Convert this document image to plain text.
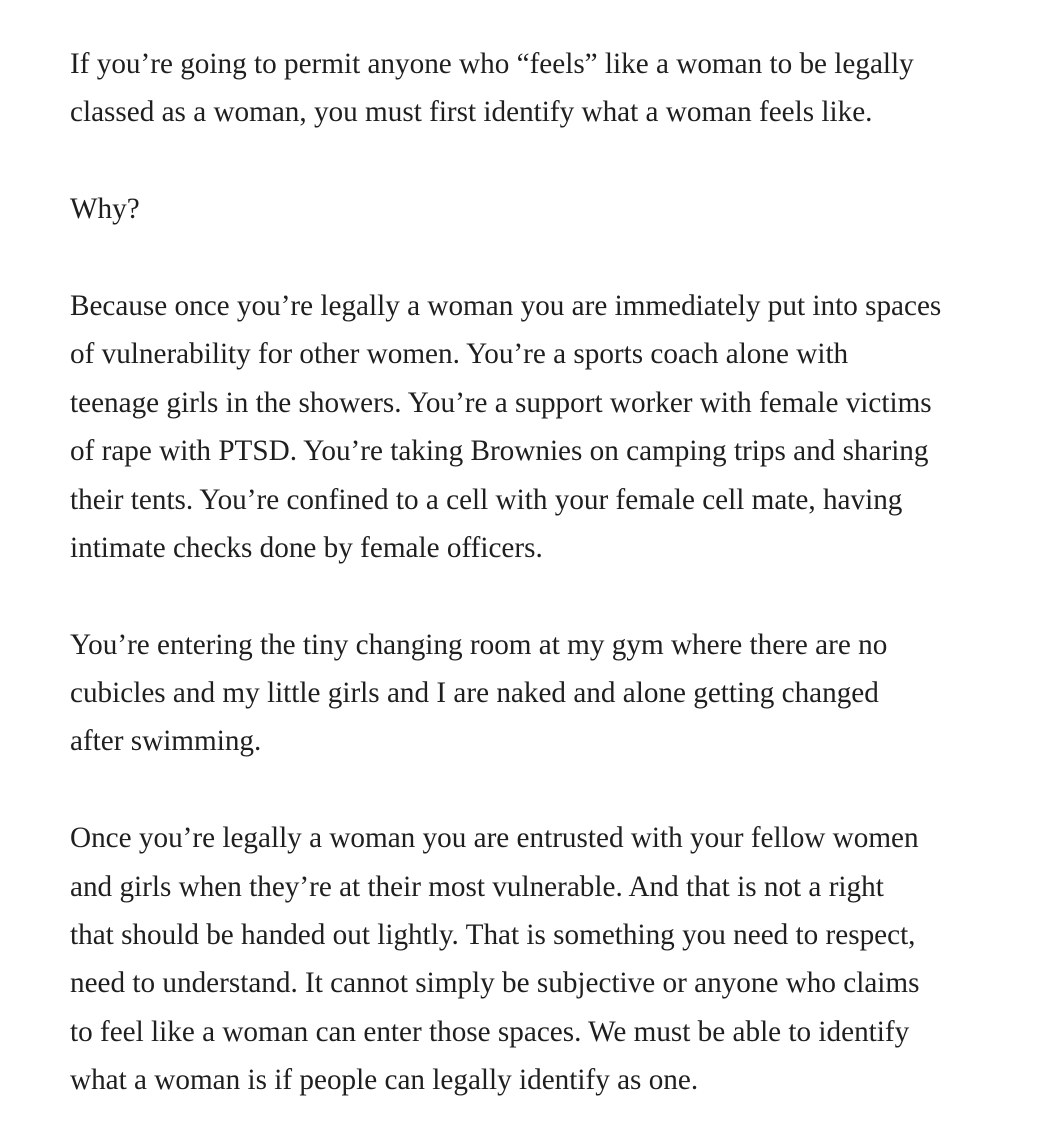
If you’re going to permit anyone who “feels” like a woman to be legally
classed as a woman, you must first identify what a woman feels like.

Why?

Because once you’re legally a woman you are immediately put into spaces
of vulnerability for other women. You’re a sports coach alone with
teenage girls in the showers. You’re a support worker with female victims
of rape with PTSD. You’re taking Brownies on camping trips and sharing
their tents. You’re confined to a cell with your female cell mate, having
intimate checks done by female officers.

You’re entering the tiny changing room at my gym where there are no
cubicles and my little girls and I are naked and alone getting changed
after swimming.

Once you’re legally a woman you are entrusted with your fellow women
and girls when they’re at their most vulnerable. And that is not a right
that should be handed out lightly. That is something you need to respect,
need to understand. It cannot simply be subjective or anyone who claims
to feel like a woman can enter those spaces. We must be able to identify
what a woman is if people can legally identify as one.
